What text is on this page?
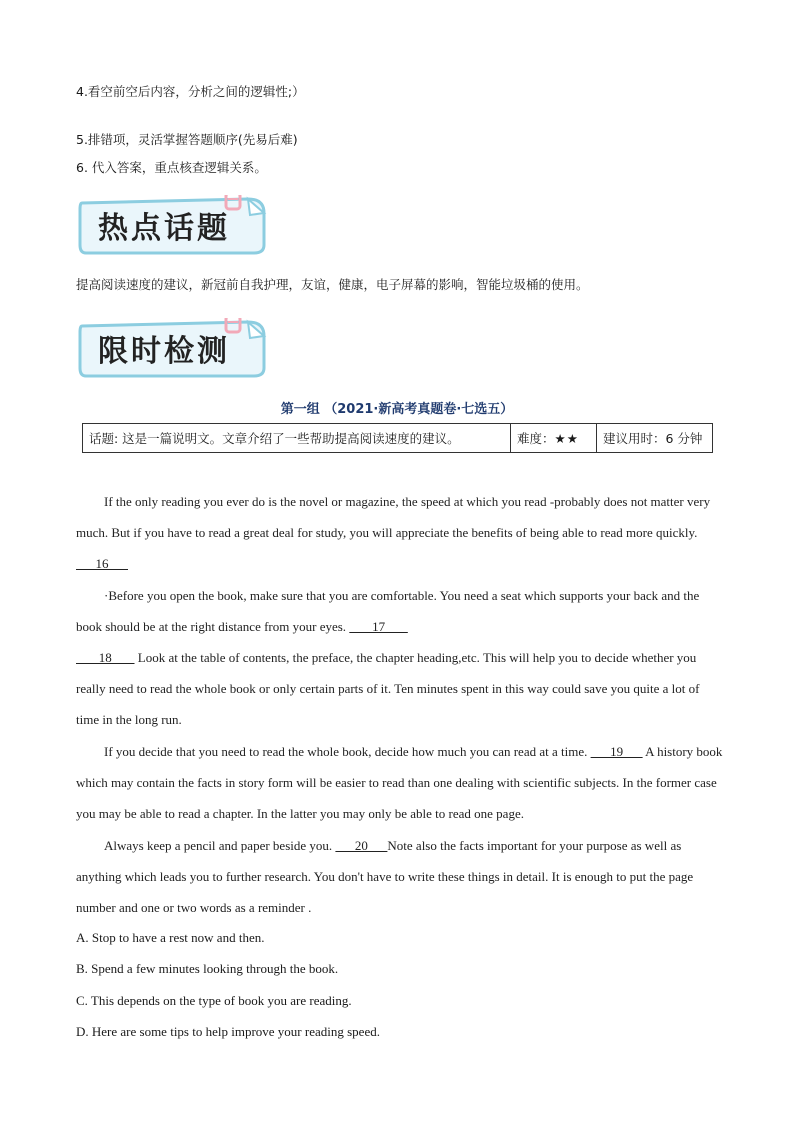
4.看空前空后内容，分析之间的逻辑性;）
5.排错项，灵活掌握答题顺序(先易后难)
6. 代入答案，重点核查逻辑关系。
热点话题
提高阅读速度的建议，新冠前自我护理，友谊，健康，电子屏幕的影响，智能垃圾桶的使用。
限时检测
第一组 （2021·新高考真题卷·七选五）
话题: 这是一篇说明文。文章介绍了一些帮助提高阅读速度的建议。	难度：★★	建议用时：6 分钟
If the only reading you ever do is the novel or magazine, the speed at which you read -probably does not matter very much. But if you have to read a great deal for study, you will appreciate the benefits of being able to read more quickly.       16
·Before you open the book, make sure that you are comfortable. You need a seat which supports your back and the book should be at the right distance from your eyes.        17
18        Look at the table of contents, the preface, the chapter heading,etc. This will help you to decide whether you really need to read the whole book or only certain parts of it. Ten minutes spent in this way could save you quite a lot of time in the long run.
If you decide that you need to read the whole book, decide how much you can read at a time.       19       A history book which may contain the facts in story form will be easier to read than one dealing with scientific subjects. In the former case you may be able to read a chapter. In the latter you may only be able to read one page.
Always keep a pencil and paper beside you.       20      Note also the facts important for your purpose as well as anything which leads you to further research. You don't have to write these things in detail. It is enough to put the page number and one or two words as a reminder .
A. Stop to have a rest now and then.
B. Spend a few minutes looking through the book.
C. This depends on the type of book you are reading.
D. Here are some tips to help improve your reading speed.
